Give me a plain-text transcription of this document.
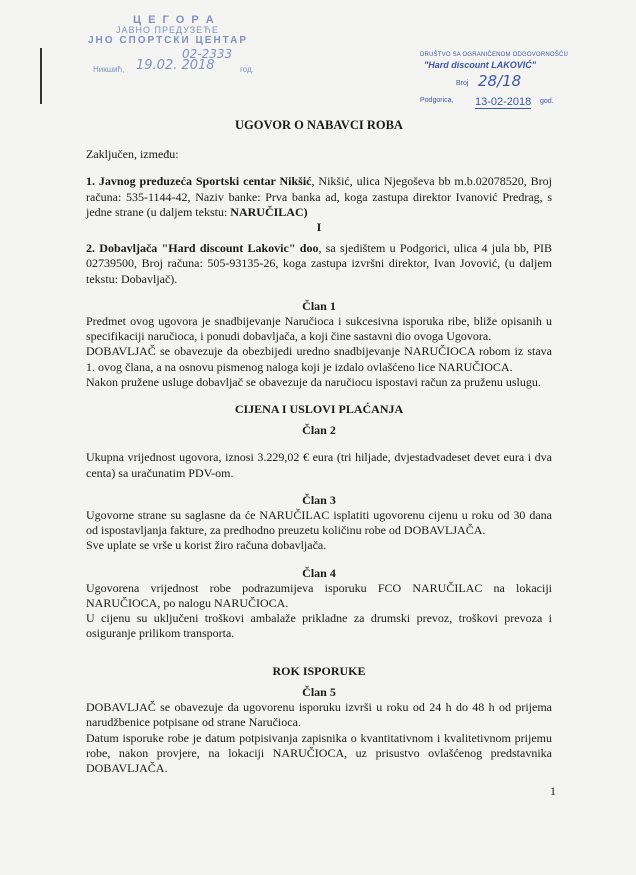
Ц Е Г О Р А
ЈАВНО ПРЕДУЗЕЋЕ
ЈНО СПОРТСКИ ЦЕНТАР
02-2333
Никшић, 19.02. 2018	год.
DRUŠTVO SA OGRANIČENOM ODGOVORNOŠĆU
"Hard discount LAKOVIĆ"
Broj 28/18
Podgorica, 13-02-2018 god.

UGOVOR O NABAVCI ROBA

Zaključen, između:

1. Javnog preduzeća Sportski centar Nikšić, Nikšić, ulica Njegoševa bb m.b.02078520, Broj računa: 535-1144-42, Naziv banke: Prva banka ad, koga zastupa direktor Ivanović Predrag, s jedne strane (u daljem tekstu: NARUČILAC)

I

2. Dobavljača "Hard discount Lakovic" doo, sa sjedištem u Podgorici, ulica 4 jula bb, PIB 02739500, Broj računa: 505-93135-26, koga zastupa izvršni direktor, Ivan Jovović, (u daljem tekstu: Dobavljač).

Član 1

Predmet ovog ugovora je snadbijevanje Naručioca i sukcesivna isporuka ribe, bliže opisanih u specifikaciji naručioca, i ponudi dobavljača, a koji čine sastavni dio ovoga Ugovora.

DOBAVLJAČ se obavezuje da obezbijedi uredno snadbijevanje NARUČIOCA robom iz stava 1. ovog člana, a na osnovu pismenog naloga koji je izdalo ovlašćeno lice NARUČIOCA.

Nakon pružene usluge dobavljač se obavezuje da naručiocu ispostavi račun za pruženu uslugu.

CIJENA I USLOVI PLAĆANJA

Član 2

Ukupna vrijednost ugovora, iznosi 3.229,02 € eura (tri hiljade, dvjestadvadeset devet eura i dva centa) sa uračunatim PDV-om.

Član 3

Ugovorne strane su saglasne da će NARUČILAC isplatiti ugovorenu cijenu u roku od 30 dana od ispostavljanja fakture, za predhodno preuzetu količinu robe od DOBAVLJAČA.

Sve uplate se vrše u korist žiro računa dobavljača.

Član 4

Ugovorena vrijednost robe podrazumijeva isporuku FCO NARUČILAC na lokaciji NARUČIOCA, po nalogu NARUČIOCA.

U cijenu su uključeni troškovi ambalaže prikladne za drumski prevoz, troškovi prevoza i osiguranje prilikom transporta.

ROK ISPORUKE

Član 5

DOBAVLJAČ se obavezuje da ugovorenu isporuku izvrši u roku od 24 h do 48 h od prijema narudžbenice potpisane od strane Naručioca.

Datum isporuke robe je datum potpisivanja zapisnika o kvantitativnom i kvalitetivnom prijemu robe, nakon provjere, na lokaciji NARUČIOCA, uz prisustvo ovlašćenog predstavnika DOBAVLJAČA.

1
